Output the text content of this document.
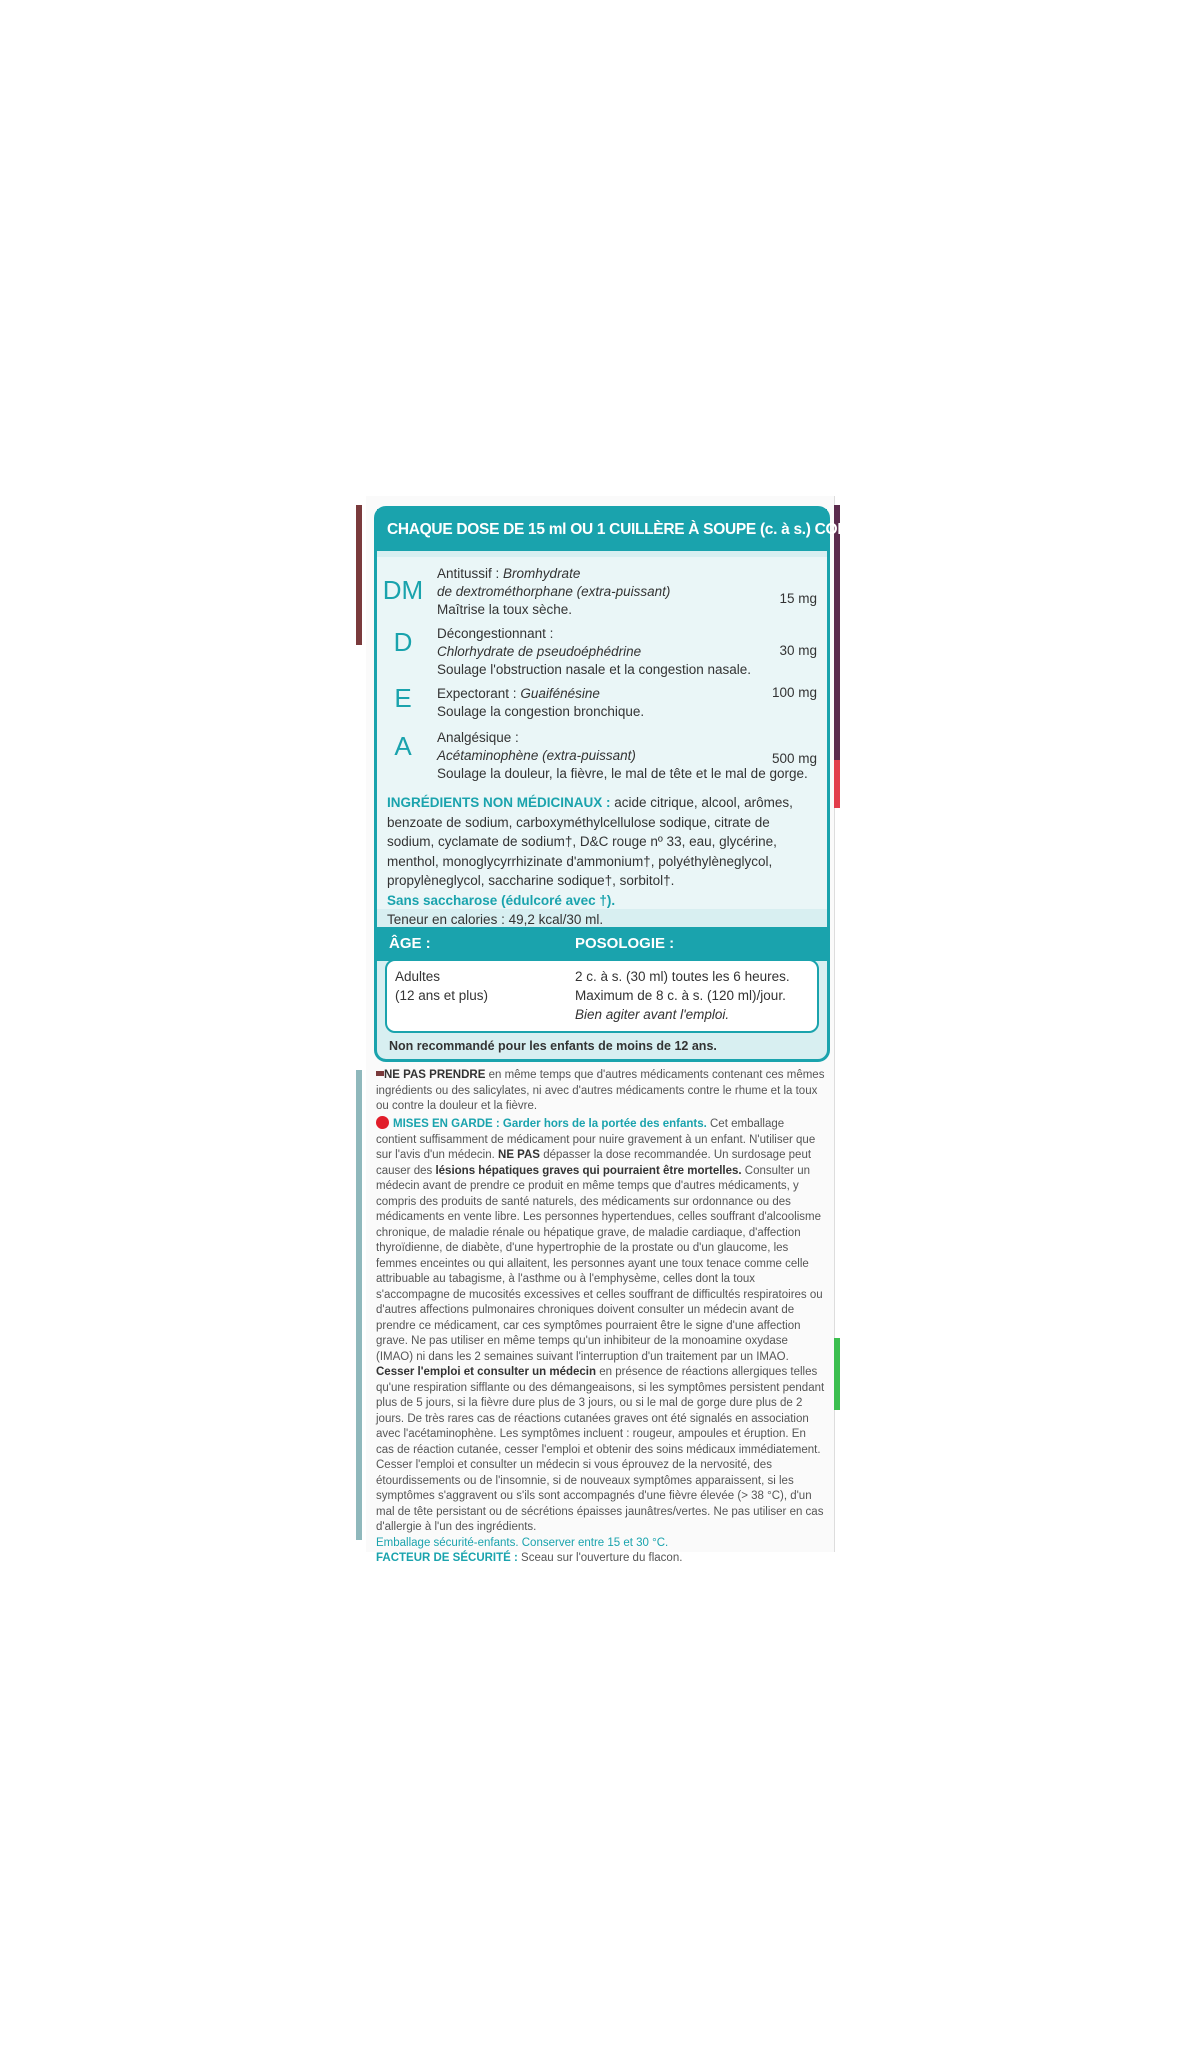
CHAQUE DOSE DE 15 ml OU 1 CUILLÈRE À SOUPE (c. à s.) CONTIENT :
DM
Antitussif : Bromhydrate
de dextrométhorphane (extra-puissant)
Maîtrise la toux sèche.
15 mg
D	Décongestionnant :
Chlorhydrate de pseudoéphédrine
Soulage l'obstruction nasale et la congestion nasale.
30 mg
E	Expectorant : Guaifénésine
Soulage la congestion bronchique.
100 mg
A	Analgésique :
Acétaminophène (extra-puissant)
Soulage la douleur, la fièvre, le mal de tête et le mal de gorge.
500 mg
INGRÉDIENTS NON MÉDICINAUX : acide citrique, alcool, arômes,
benzoate de sodium, carboxyméthylcellulose sodique, citrate de
sodium, cyclamate de sodium†, D&C rouge nº 33, eau, glycérine,
menthol, monoglycyrrhizinate d'ammonium†, polyéthylèneglycol,
propylèneglycol, saccharine sodique†, sorbitol†.
Sans saccharose (édulcoré avec †).
Teneur en calories : 49,2 kcal/30 ml.
ÂGE :	POSOLOGIE :
Adultes
(12 ans et plus)
2 c. à s. (30 ml) toutes les 6 heures.
Maximum de 8 c. à s. (120 ml)/jour.
Bien agiter avant l'emploi.
Non recommandé pour les enfants de moins de 12 ans.
NE PAS PRENDRE en même temps que d'autres médicaments contenant ces mêmes ingrédients ou des salicylates, ni avec d'autres médicaments contre le rhume et la toux ou contre la douleur et la fièvre.
MISES EN GARDE : Garder hors de la portée des enfants. Cet emballage contient suffisamment de médicament pour nuire gravement à un enfant. N'utiliser que sur l'avis d'un médecin. NE PAS dépasser la dose recommandée. Un surdosage peut causer des lésions hépatiques graves qui pourraient être mortelles. Consulter un médecin avant de prendre ce produit en même temps que d'autres médicaments, y compris des produits de santé naturels, des médicaments sur ordonnance ou des médicaments en vente libre. Les personnes hypertendues, celles souffrant d'alcoolisme chronique, de maladie rénale ou hépatique grave, de maladie cardiaque, d'affection thyroïdienne, de diabète, d'une hypertrophie de la prostate ou d'un glaucome, les femmes enceintes ou qui allaitent, les personnes ayant une toux tenace comme celle attribuable au tabagisme, à l'asthme ou à l'emphysème, celles dont la toux s'accompagne de mucosités excessives et celles souffrant de difficultés respiratoires ou d'autres affections pulmonaires chroniques doivent consulter un médecin avant de prendre ce médicament, car ces symptômes pourraient être le signe d'une affection grave. Ne pas utiliser en même temps qu'un inhibiteur de la monoamine oxydase (IMAO) ni dans les 2 semaines suivant l'interruption d'un traitement par un IMAO. Cesser l'emploi et consulter un médecin en présence de réactions allergiques telles qu'une respiration sifflante ou des démangeaisons, si les symptômes persistent pendant plus de 5 jours, si la fièvre dure plus de 3 jours, ou si le mal de gorge dure plus de 2 jours. De très rares cas de réactions cutanées graves ont été signalés en association avec l'acétaminophène. Les symptômes incluent : rougeur, ampoules et éruption. En cas de réaction cutanée, cesser l'emploi et obtenir des soins médicaux immédiatement. Cesser l'emploi et consulter un médecin si vous éprouvez de la nervosité, des étourdissements ou de l'insomnie, si de nouveaux symptômes apparaissent, si les symptômes s'aggravent ou s'ils sont accompagnés d'une fièvre élevée (> 38 °C), d'un mal de tête persistant ou de sécrétions épaisses jaunâtres/vertes. Ne pas utiliser en cas d'allergie à l'un des ingrédients.
Emballage sécurité-enfants. Conserver entre 15 et 30 °C.
FACTEUR DE SÉCURITÉ : Sceau sur l'ouverture du flacon.
